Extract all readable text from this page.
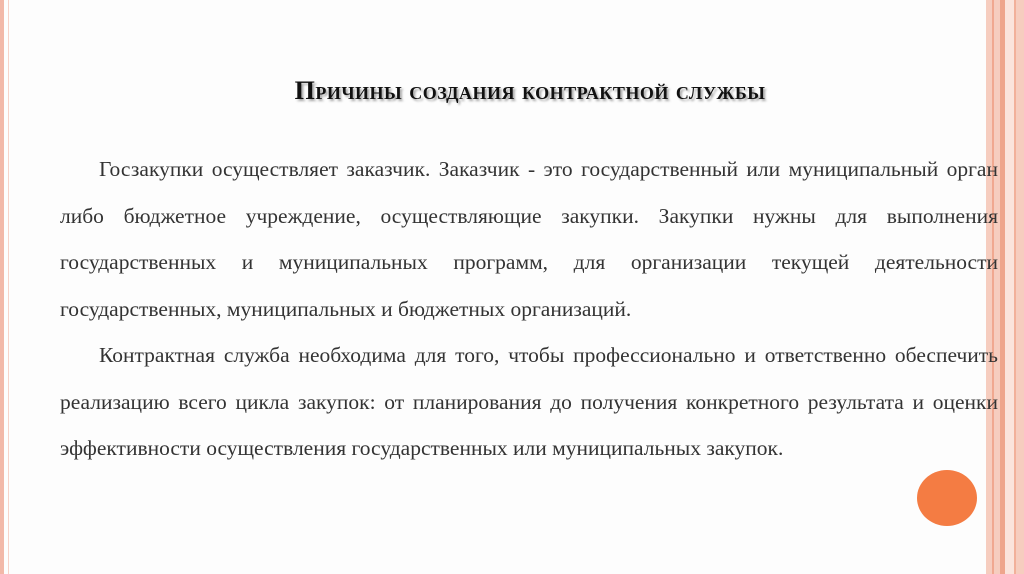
Причины создания контрактной службы

Госзакупки осуществляет заказчик. Заказчик - это государственный или муниципальный орган либо бюджетное учреждение, осуществляющие закупки. Закупки нужны для выполнения государственных и муниципальных программ, для организации текущей деятельности государственных, муниципальных и бюджетных организаций.

Контрактная служба необходима для того, чтобы профессионально и ответственно обеспечить реализацию всего цикла закупок: от планирования до получения конкретного результата и оценки эффективности осуществления государственных или муниципальных закупок.
